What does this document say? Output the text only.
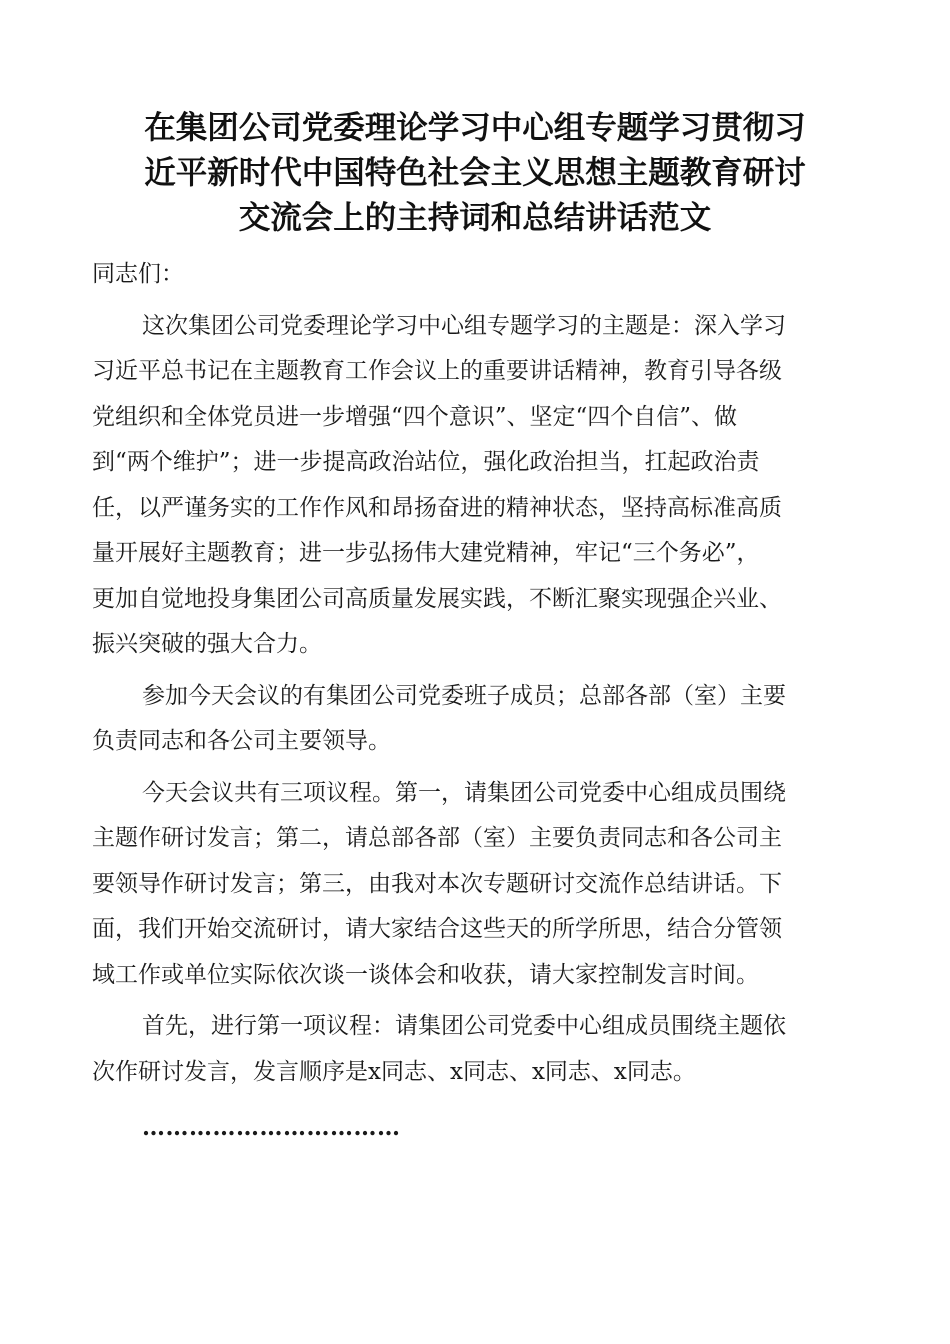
在集团公司党委理论学习中心组专题学习贯彻习
近平新时代中国特色社会主义思想主题教育研讨
交流会上的主持词和总结讲话范文

同志们：

这次集团公司党委理论学习中心组专题学习的主题是：深入学习
习近平总书记在主题教育工作会议上的重要讲话精神，教育引导各级
党组织和全体党员进一步增强“四个意识”、坚定“四个自信”、做
到“两个维护”；进一步提高政治站位，强化政治担当，扛起政治责
任，以严谨务实的工作作风和昂扬奋进的精神状态，坚持高标准高质
量开展好主题教育；进一步弘扬伟大建党精神，牢记“三个务必”，
更加自觉地投身集团公司高质量发展实践，不断汇聚实现强企兴业、
振兴突破的强大合力。

参加今天会议的有集团公司党委班子成员；总部各部（室）主要
负责同志和各公司主要领导。

今天会议共有三项议程。第一，请集团公司党委中心组成员围绕
主题作研讨发言；第二，请总部各部（室）主要负责同志和各公司主
要领导作研讨发言；第三，由我对本次专题研讨交流作总结讲话。下
面，我们开始交流研讨，请大家结合这些天的所学所思，结合分管领
域工作或单位实际依次谈一谈体会和收获，请大家控制发言时间。

首先，进行第一项议程：请集团公司党委中心组成员围绕主题依
次作研讨发言，发言顺序是x同志、x同志、x同志、x同志。

……………………………
